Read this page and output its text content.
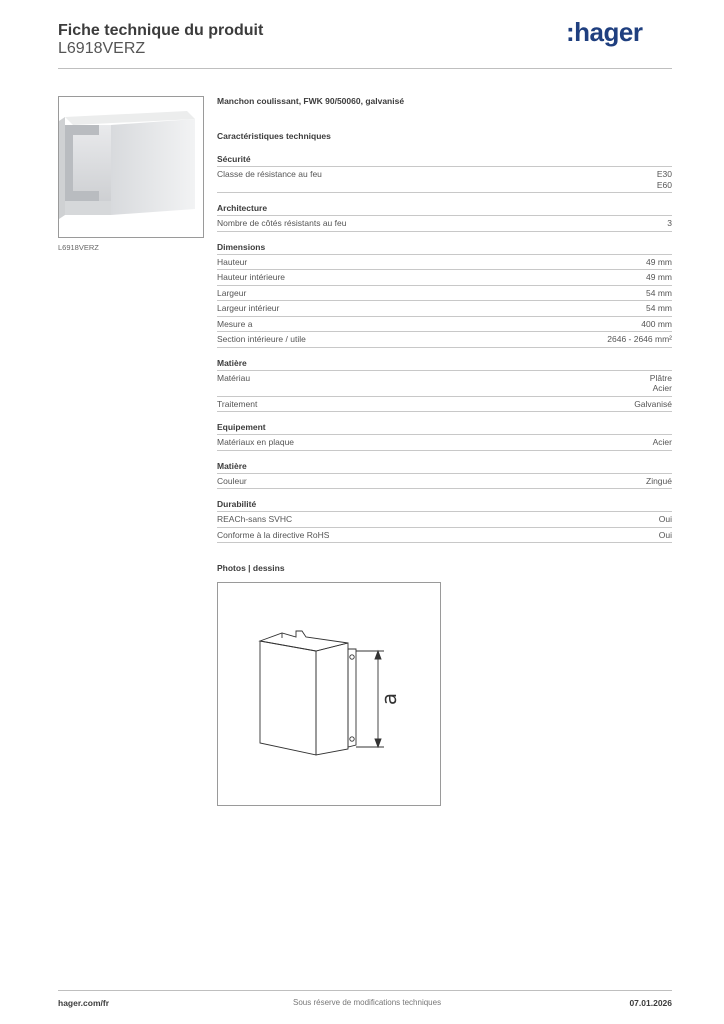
Fiche technique du produit
L6918VERZ
:hager
L6918VERZ
Manchon coulissant, FWK 90/50060, galvanisé
Caractéristiques techniques
Sécurité
Classe de résistance au feu	E30
E60
Architecture
Nombre de côtés résistants au feu	3
Dimensions
Hauteur	49 mm
Hauteur intérieure	49 mm
Largeur	54 mm
Largeur intérieur	54 mm
Mesure a	400 mm
Section intérieure / utile	2646 - 2646 mm²
Matière
Matériau	Plâtre
Acier
Traitement	Galvanisé
Equipement
Matériaux en plaque	Acier
Matière
Couleur	Zingué
Durabilité
REACh-sans SVHC	Oui
Conforme à la directive RoHS	Oui
Photos | dessins
a
hager.com/fr	Sous réserve de modifications techniques	07.01.2026
